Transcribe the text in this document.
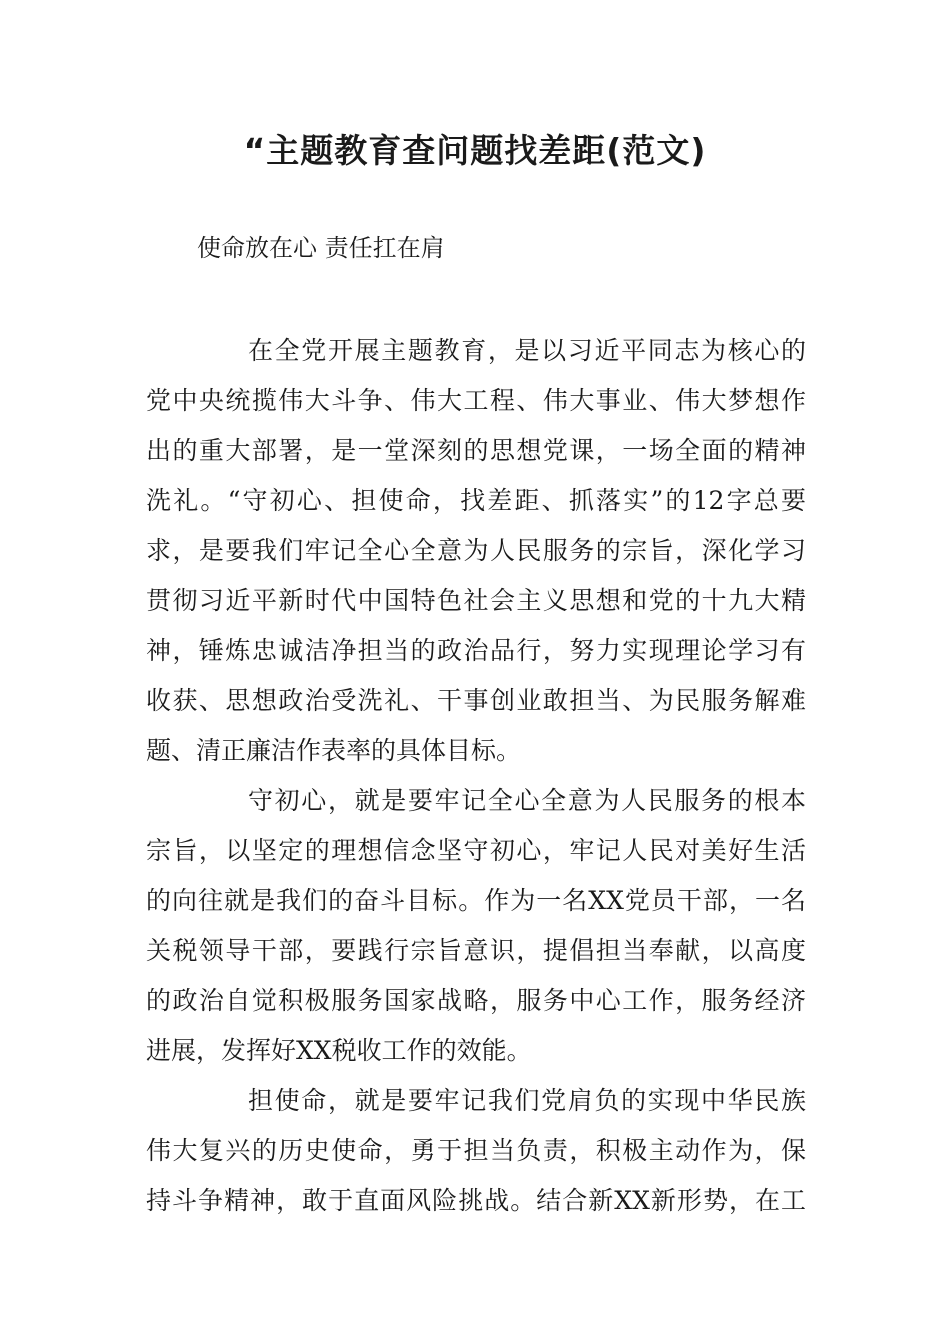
“主题教育查问题找差距(范文)
使命放在心 责任扛在肩
在全党开展主题教育，是以习近平同志为核心的
党中央统揽伟大斗争、伟大工程、伟大事业、伟大梦想作
出的重大部署，是一堂深刻的思想党课，一场全面的精神
洗礼。“守初心、担使命，找差距、抓落实”的12字总要
求，是要我们牢记全心全意为人民服务的宗旨，深化学习
贯彻习近平新时代中国特色社会主义思想和党的十九大精
神，锤炼忠诚洁净担当的政治品行，努力实现理论学习有
收获、思想政治受洗礼、干事创业敢担当、为民服务解难
题、清正廉洁作表率的具体目标。
守初心，就是要牢记全心全意为人民服务的根本
宗旨，以坚定的理想信念坚守初心，牢记人民对美好生活
的向往就是我们的奋斗目标。作为一名XX党员干部，一名
关税领导干部，要践行宗旨意识，提倡担当奉献，以高度
的政治自觉积极服务国家战略，服务中心工作，服务经济
进展，发挥好XX税收工作的效能。
担使命，就是要牢记我们党肩负的实现中华民族
伟大复兴的历史使命，勇于担当负责，积极主动作为，保
持斗争精神，敢于直面风险挑战。结合新XX新形势，在工
